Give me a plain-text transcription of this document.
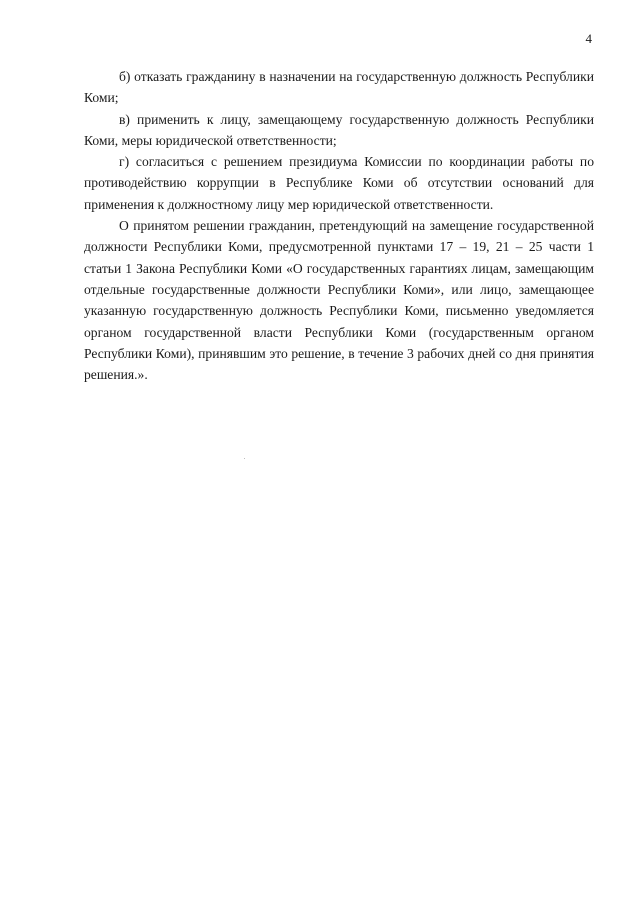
4

б) отказать гражданину в назначении на государственную должность Республики Коми;

в) применить к лицу, замещающему государственную должность Республики Коми, меры юридической ответственности;

г) согласиться с решением президиума Комиссии по координации работы по противодействию коррупции в Республике Коми об отсутствии оснований для применения к должностному лицу мер юридической ответственности.

О принятом решении гражданин, претендующий на замещение государственной должности Республики Коми, предусмотренной пунктами 17 – 19, 21 – 25 части 1 статьи 1 Закона Республики Коми «О государственных гарантиях лицам, замещающим отдельные государственные должности Республики Коми», или лицо, замещающее указанную государственную должность Республики Коми, письменно уведомляется органом государственной власти Республики Коми (государственным органом Республики Коми), принявшим это решение, в течение 3 рабочих дней со дня принятия решения.».
